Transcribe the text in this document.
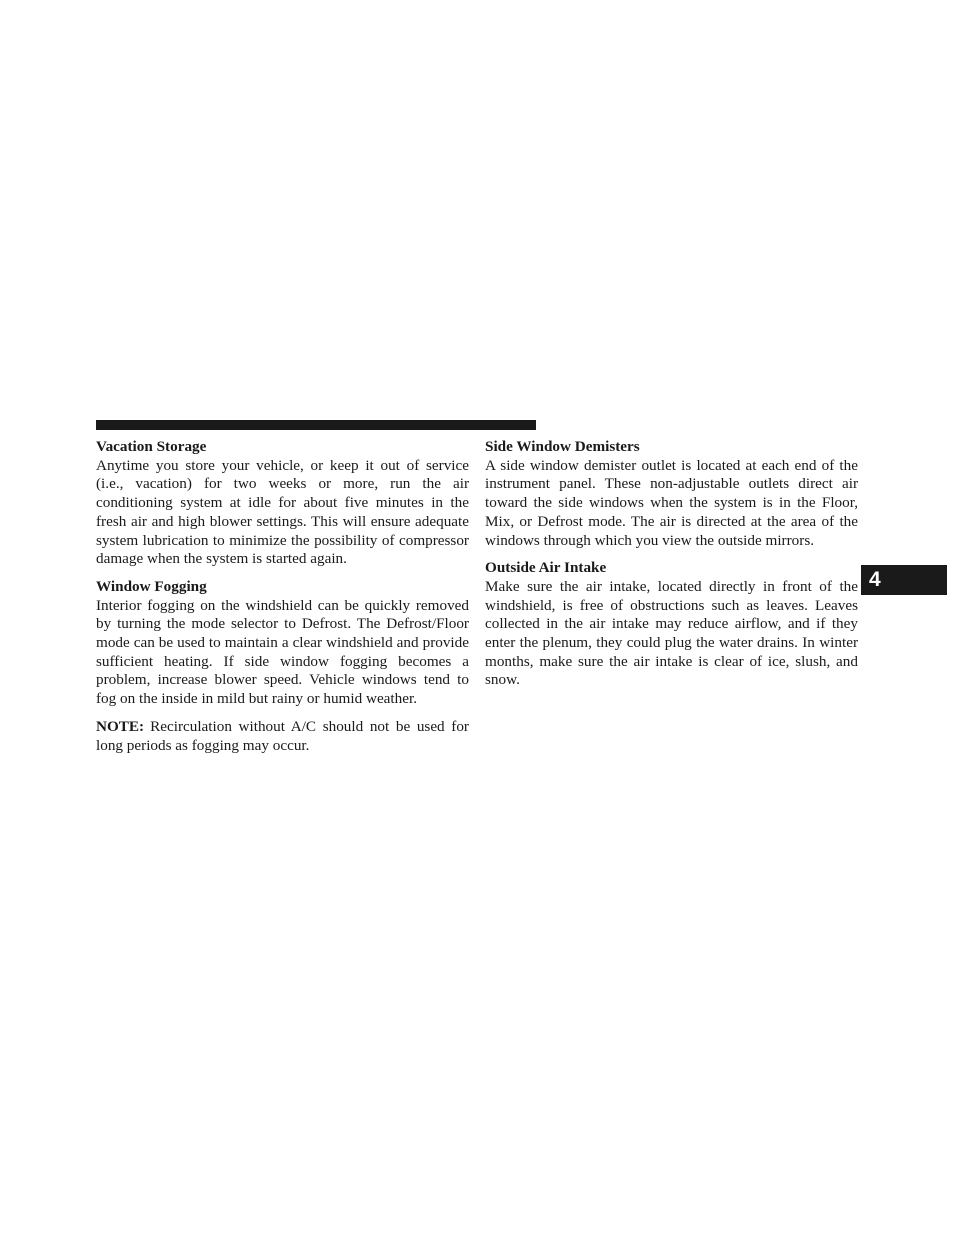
Vacation Storage

Anytime you store your vehicle, or keep it out of service (i.e., vacation) for two weeks or more, run the air conditioning system at idle for about five minutes in the fresh air and high blower settings. This will ensure adequate system lubrication to minimize the possibility of compressor damage when the system is started again.

Window Fogging

Interior fogging on the windshield can be quickly removed by turning the mode selector to Defrost. The Defrost/Floor mode can be used to maintain a clear windshield and provide sufficient heating. If side window fogging becomes a problem, increase blower speed. Vehicle windows tend to fog on the inside in mild but rainy or humid weather.

NOTE: Recirculation without A/C should not be used for long periods as fogging may occur.

Side Window Demisters

A side window demister outlet is located at each end of the instrument panel. These non-adjustable outlets direct air toward the side windows when the system is in the Floor, Mix, or Defrost mode. The air is directed at the area of the windows through which you view the outside mirrors.

Outside Air Intake

Make sure the air intake, located directly in front of the windshield, is free of obstructions such as leaves. Leaves collected in the air intake may reduce airflow, and if they enter the plenum, they could plug the water drains. In winter months, make sure the air intake is clear of ice, slush, and snow.

4
